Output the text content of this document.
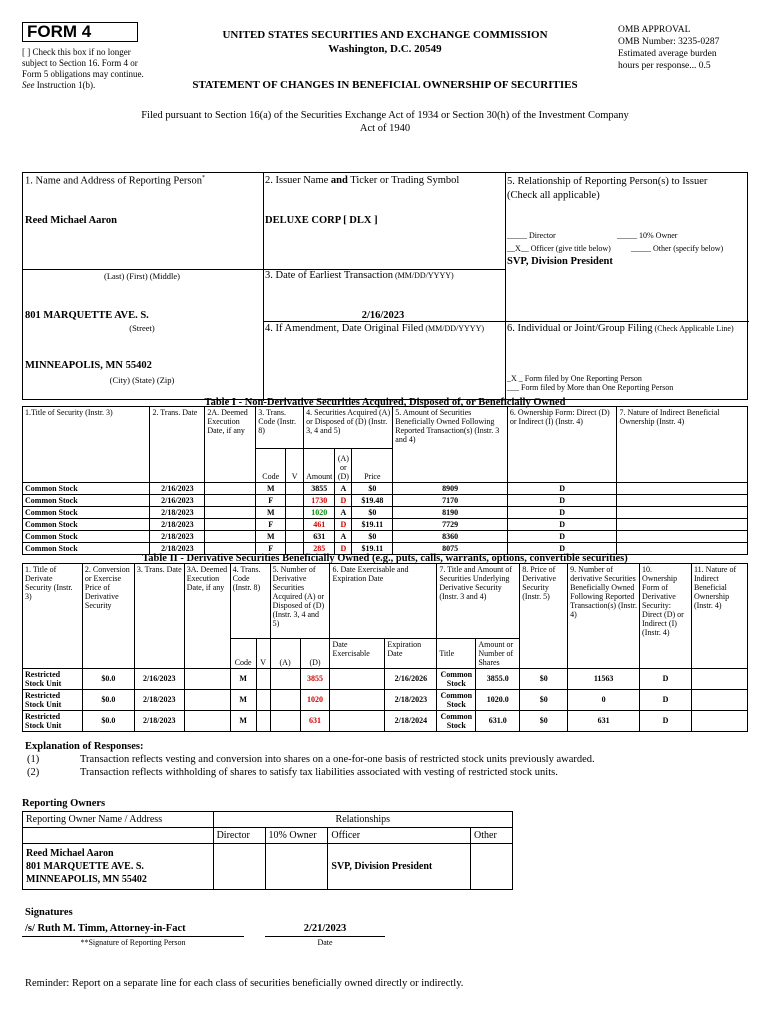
FORM 4
[ ] Check this box if no longer subject to Section 16. Form 4 or Form 5 obligations may continue. See Instruction 1(b).
UNITED STATES SECURITIES AND EXCHANGE COMMISSION
Washington, D.C. 20549
OMB APPROVAL
OMB Number: 3235-0287
Estimated average burden
hours per response... 0.5
STATEMENT OF CHANGES IN BENEFICIAL OWNERSHIP OF SECURITIES
Filed pursuant to Section 16(a) of the Securities Exchange Act of 1934 or Section 30(h) of the Investment Company Act of 1940
1. Name and Address of Reporting Person*
Reed Michael Aaron
(Last) (First) (Middle)
801 MARQUETTE AVE. S.
(Street)
MINNEAPOLIS, MN 55402
(City) (State) (Zip)
2. Issuer Name and Ticker or Trading Symbol
DELUXE CORP [ DLX ]
3. Date of Earliest Transaction (MM/DD/YYYY)
2/16/2023
4. If Amendment, Date Original Filed (MM/DD/YYYY)
5. Relationship of Reporting Person(s) to Issuer
(Check all applicable)
_____ Director	_____ 10% Owner
__X__ Officer (give title below)	_____ Other (specify below)
SVP, Division President
6. Individual or Joint/Group Filing (Check Applicable Line)
_X _ Form filed by One Reporting Person
___ Form filed by More than One Reporting Person
Table I - Non-Derivative Securities Acquired, Disposed of, or Beneficially Owned
1.Title of Security (Instr. 3)	2. Trans. Date	2A. Deemed Execution Date, if any	3. Trans. Code (Instr. 8)		4. Securities Acquired (A) or Disposed of (D) (Instr. 3, 4 and 5)			5. Amount of Securities Beneficially Owned Following Reported Transaction(s) (Instr. 3 and 4)	6. Ownership Form: Direct (D) or Indirect (I) (Instr. 4)	7. Nature of Indirect Beneficial Ownership (Instr. 4)
			Code	V	Amount	(A) or (D)	Price			
Common Stock	2/16/2023		M		3855	A	$0	8909	D	
Common Stock	2/16/2023		F		1730	D	$19.48	7170	D	
Common Stock	2/18/2023		M		1020	A	$0	8190	D	
Common Stock	2/18/2023		F		461	D	$19.11	7729	D	
Common Stock	2/18/2023		M		631	A	$0	8360	D	
Common Stock	2/18/2023		F		285	D	$19.11	8075	D	
Table II - Derivative Securities Beneficially Owned (e.g., puts, calls, warrants, options, convertible securities)
1. Title of Derivate Security (Instr. 3)	2. Conversion or Exercise Price of Derivative Security	3. Trans. Date	3A. Deemed Execution Date, if any	4. Trans. Code (Instr. 8)		5. Number of Derivative Securities Acquired (A) or Disposed of (D) (Instr. 3, 4 and 5)		6. Date Exercisable and Expiration Date		7. Title and Amount of Securities Underlying Derivative Security (Instr. 3 and 4)		8. Price of Derivative Security (Instr. 5)	9. Number of derivative Securities Beneficially Owned Following Reported Transaction(s) (Instr. 4)	10. Ownership Form of Derivative Security: Direct (D) or Indirect (I) (Instr. 4)	11. Nature of Indirect Beneficial Ownership (Instr. 4)
				Code	V	(A)	(D)	Date Exercisable	Expiration Date	Title	Amount or Number of Shares				
Restricted Stock Unit	$0.0	2/16/2023		M			3855		2/16/2026	Common Stock	3855.0	$0	11563	D	
Restricted Stock Unit	$0.0	2/18/2023		M			1020		2/18/2023	Common Stock	1020.0	$0	0	D	
Restricted Stock Unit	$0.0	2/18/2023		M			631		2/18/2024	Common Stock	631.0	$0	631	D	
Explanation of Responses:
(1)	Transaction reflects vesting and conversion into shares on a one-for-one basis of restricted stock units previously awarded.
(2)	Transaction reflects withholding of shares to satisfy tax liabilities associated with vesting of restricted stock units.
Reporting Owners
Reporting Owner Name / Address	Relationships			
	Director	10% Owner	Officer	Other

Reed Michael Aaron
801 MARQUETTE AVE. S.
MINNEAPOLIS, MN 55402			SVP, Division President	
Signatures
/s/ Ruth M. Timm, Attorney-in-Fact	2/21/2023
**Signature of Reporting Person	Date
Reminder: Report on a separate line for each class of securities beneficially owned directly or indirectly.
